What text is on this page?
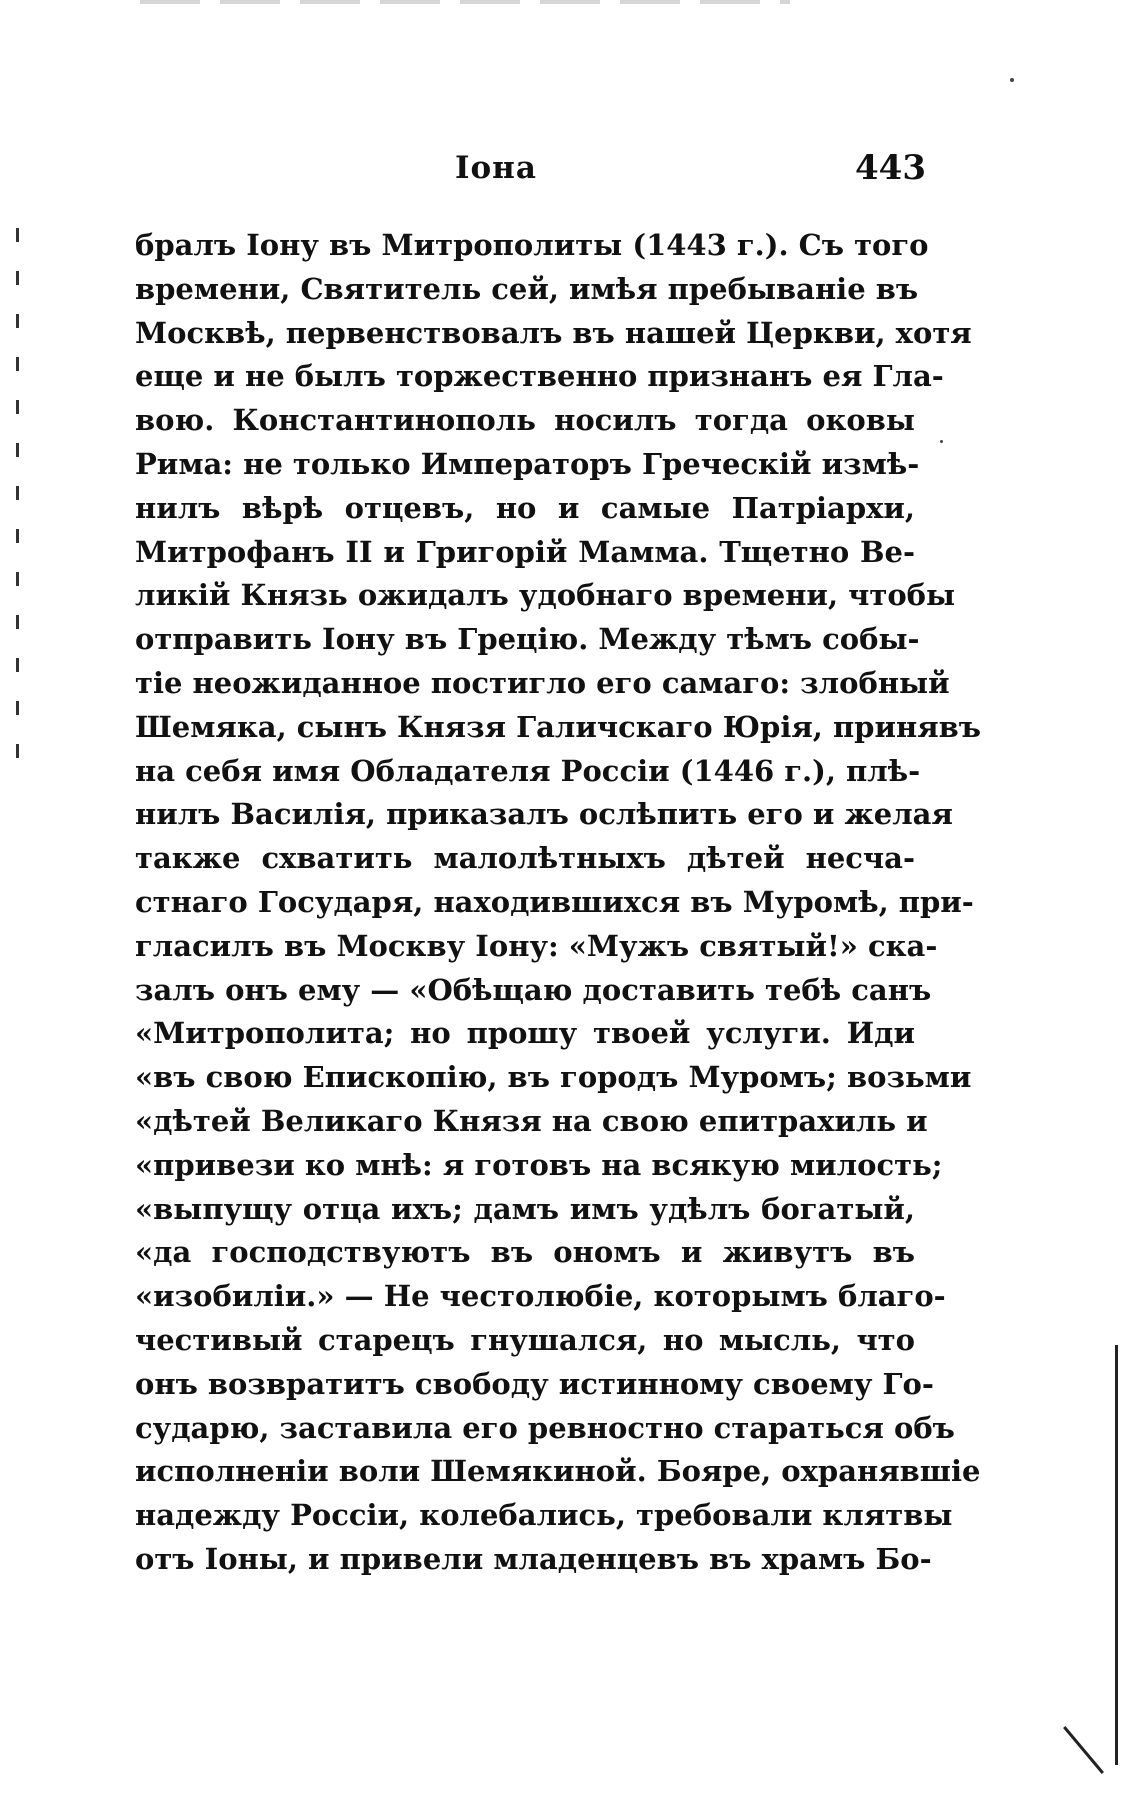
Іона	443
бралъ Іону въ Митрополиты (1443 г.). Съ того
времени, Святитель сей, имѣя пребываніе въ
Москвѣ, первенствовалъ въ нашей Церкви, хотя
еще и не былъ торжественно признанъ ея Гла-
вою. Константинополь носилъ тогда оковы
Рима: не только Императоръ Греческій измѣ-
нилъ вѣрѣ отцевъ, но и самые Патріархи,
Митрофанъ II и Григорій Мамма. Тщетно Ве-
ликій Князь ожидалъ удобнаго времени, чтобы
отправить Іону въ Грецію. Между тѣмъ собы-
тіе неожиданное постигло его самаго: злобный
Шемяка, сынъ Князя Галичскаго Юрія, принявъ
на себя имя Обладателя Россіи (1446 г.), плѣ-
нилъ Василія, приказалъ ослѣпить его и желая
также схватить малолѣтныхъ дѣтей несча-
стнаго Государя, находившихся въ Муромѣ, при-
гласилъ въ Москву Іону: «Мужъ святый!» ска-
залъ онъ ему — «Обѣщаю доставить тебѣ санъ
«Митрополита; но прошу твоей услуги. Иди
«въ свою Епископію, въ городъ Муромъ; возьми
«дѣтей Великаго Князя на свою епитрахиль и
«привези ко мнѣ: я готовъ на всякую милость;
«выпущу отца ихъ; дамъ имъ удѣлъ богатый,
«да господствуютъ въ ономъ и живутъ въ
«изобиліи.» — Не честолюбіе, которымъ благо-
честивый старецъ гнушался, но мысль, что
онъ возвратитъ свободу истинному своему Го-
сударю, заставила его ревностно стараться объ
исполненіи воли Шемякиной. Бояре, охранявшіе
надежду Россіи, колебались, требовали клятвы
отъ Іоны, и привели младенцевъ въ храмъ Бо-
